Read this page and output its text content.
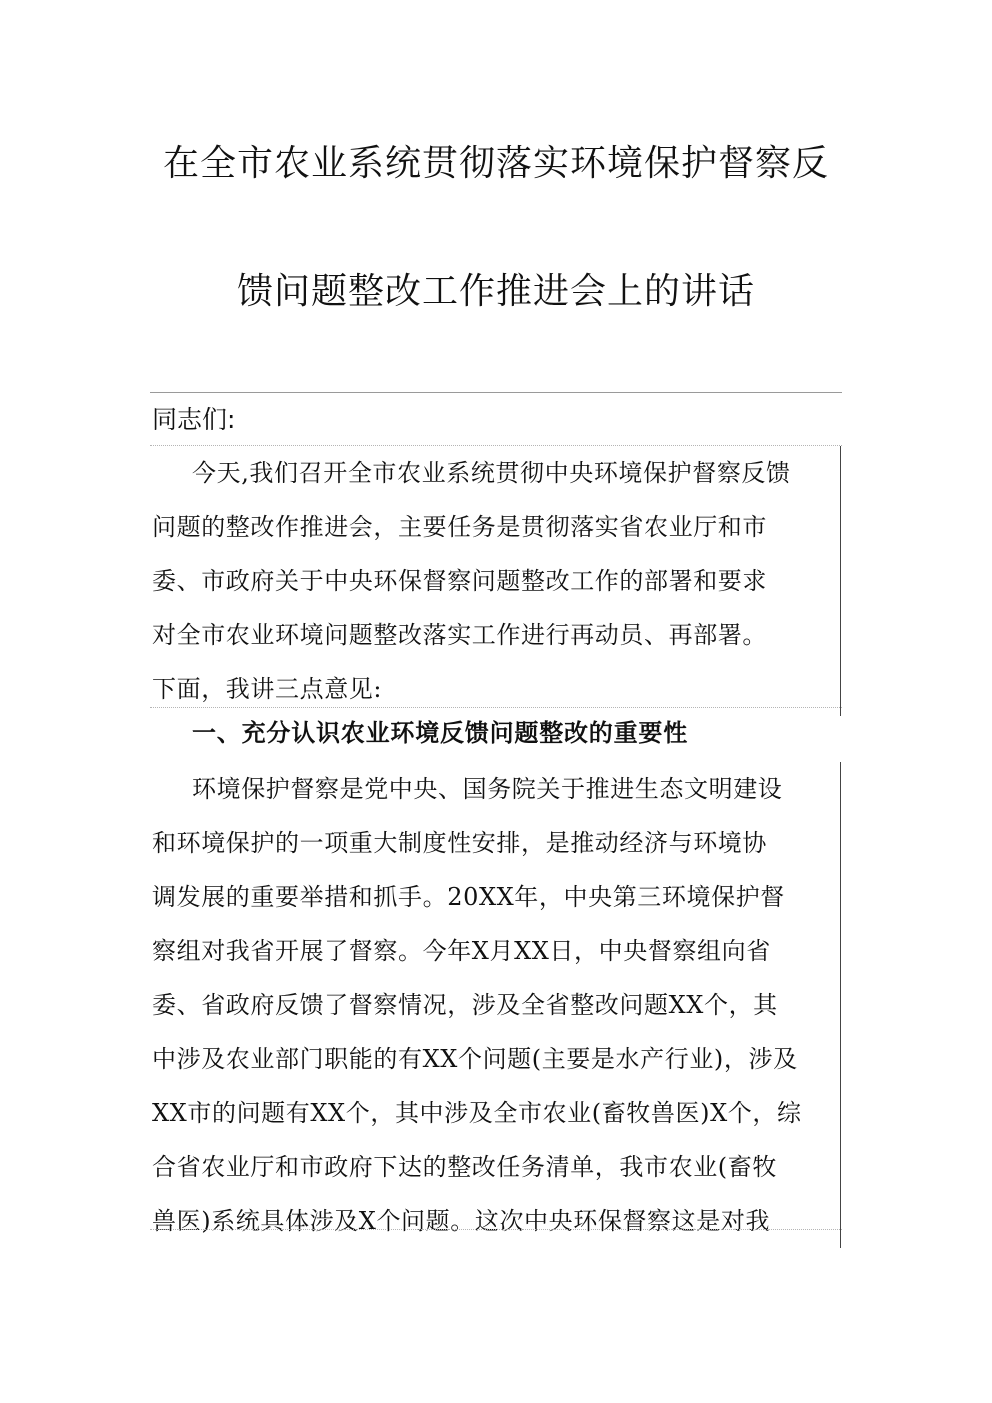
在全市农业系统贯彻落实环境保护督察反
馈问题整改工作推进会上的讲话
同志们:
今天,我们召开全市农业系统贯彻中央环境保护督察反馈
问题的整改作推进会，主要任务是贯彻落实省农业厅和市
委、市政府关于中央环保督察问题整改工作的部署和要求
对全市农业环境问题整改落实工作进行再动员、再部署。
下面，我讲三点意见:
一、充分认识农业环境反馈问题整改的重要性
环境保护督察是党中央、国务院关于推进生态文明建设
和环境保护的一项重大制度性安排，是推动经济与环境协
调发展的重要举措和抓手。20XX年，中央第三环境保护督
察组对我省开展了督察。今年X月XX日，中央督察组向省
委、省政府反馈了督察情况，涉及全省整改问题XX个，其
中涉及农业部门职能的有XX个问题(主要是水产行业)，涉及
XX市的问题有XX个，其中涉及全市农业(畜牧兽医)X个，综
合省农业厅和市政府下达的整改任务清单，我市农业(畜牧
兽医)系统具体涉及X个问题。这次中央环保督察这是对我
